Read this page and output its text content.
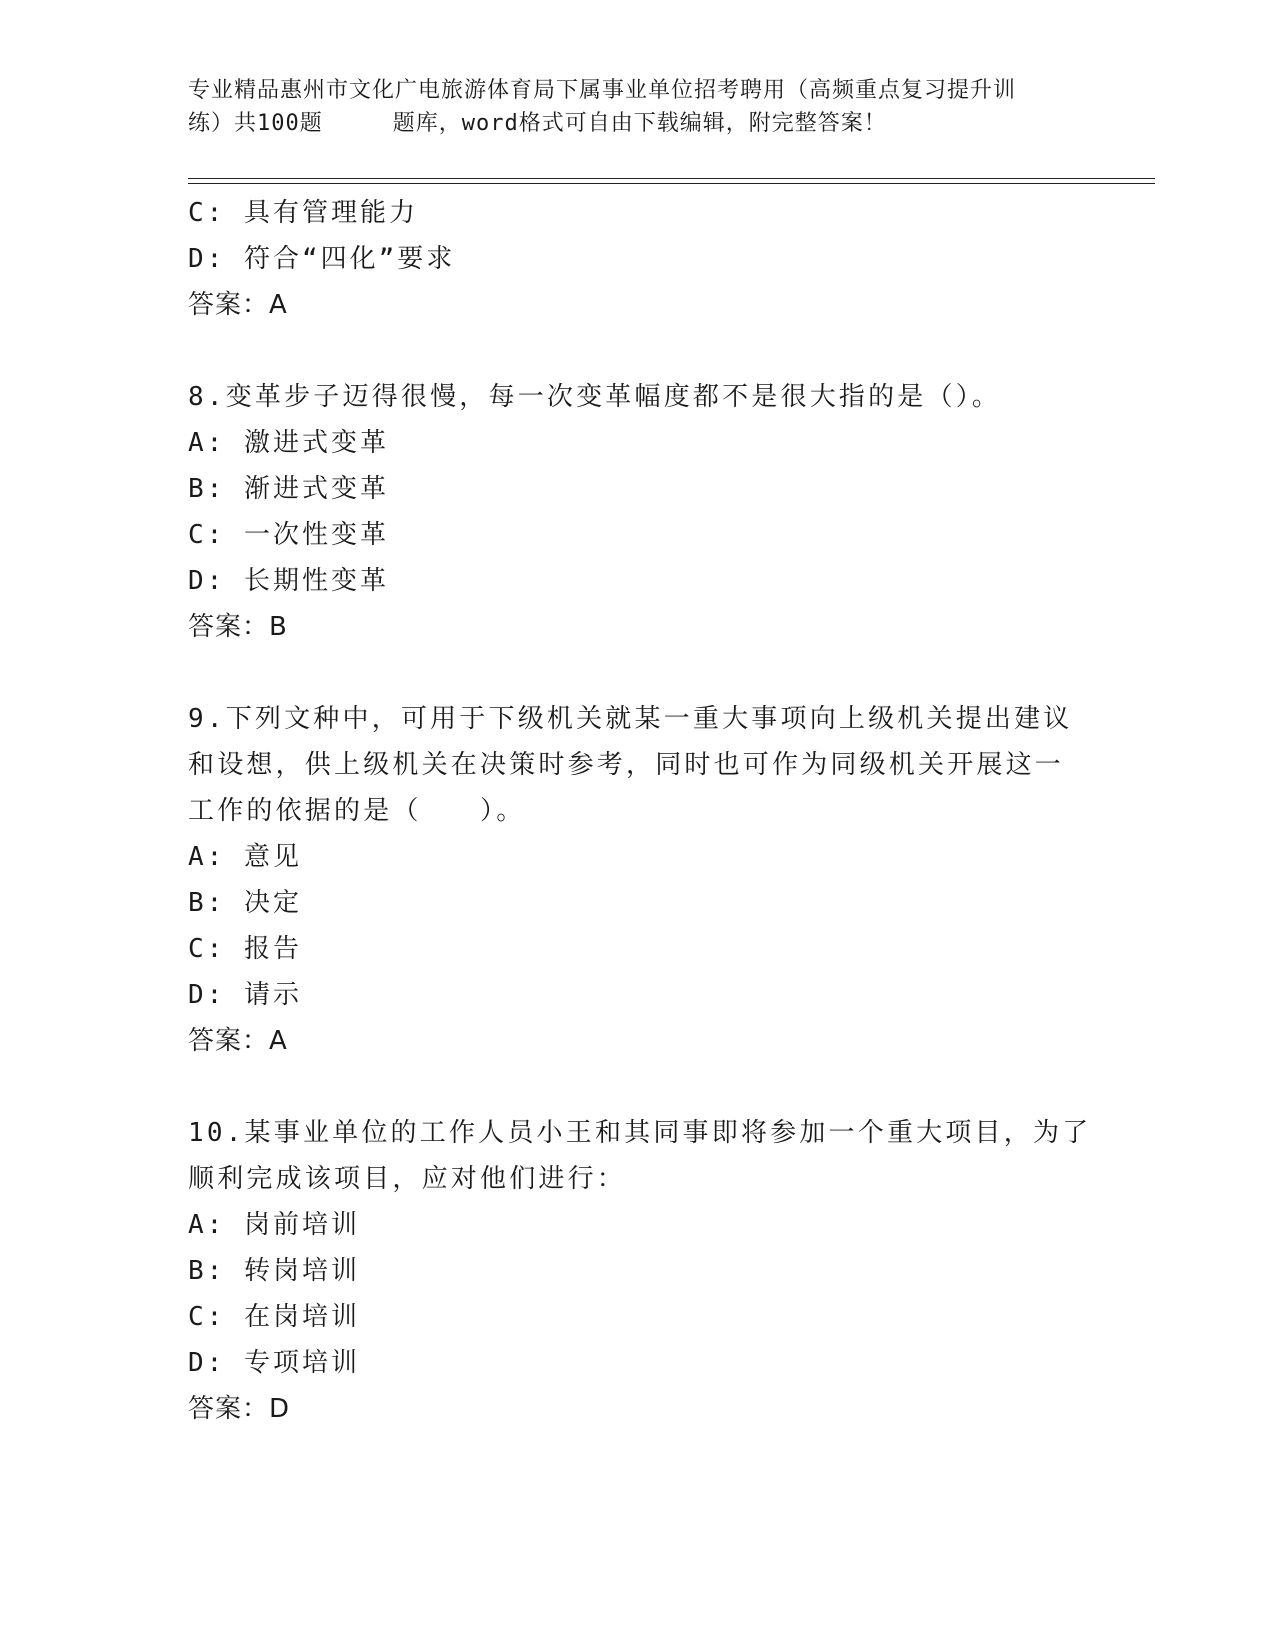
专业精品惠州市文化广电旅游体育局下属事业单位招考聘用（高频重点复习提升训
练）共100题	题库，word格式可自由下载编辑，附完整答案！
C: 具有管理能力
D: 符合“四化”要求
答案：A
8.变革步子迈得很慢，每一次变革幅度都不是很大指的是（）。
A: 激进式变革
B: 渐进式变革
C: 一次性变革
D: 长期性变革
答案：B
9.下列文种中，可用于下级机关就某一重大事项向上级机关提出建议
和设想，供上级机关在决策时参考，同时也可作为同级机关开展这一
工作的依据的是（　　）。
A: 意见
B: 决定
C: 报告
D: 请示
答案：A
10.某事业单位的工作人员小王和其同事即将参加一个重大项目，为了
顺利完成该项目，应对他们进行：
A: 岗前培训
B: 转岗培训
C: 在岗培训
D: 专项培训
答案：D
